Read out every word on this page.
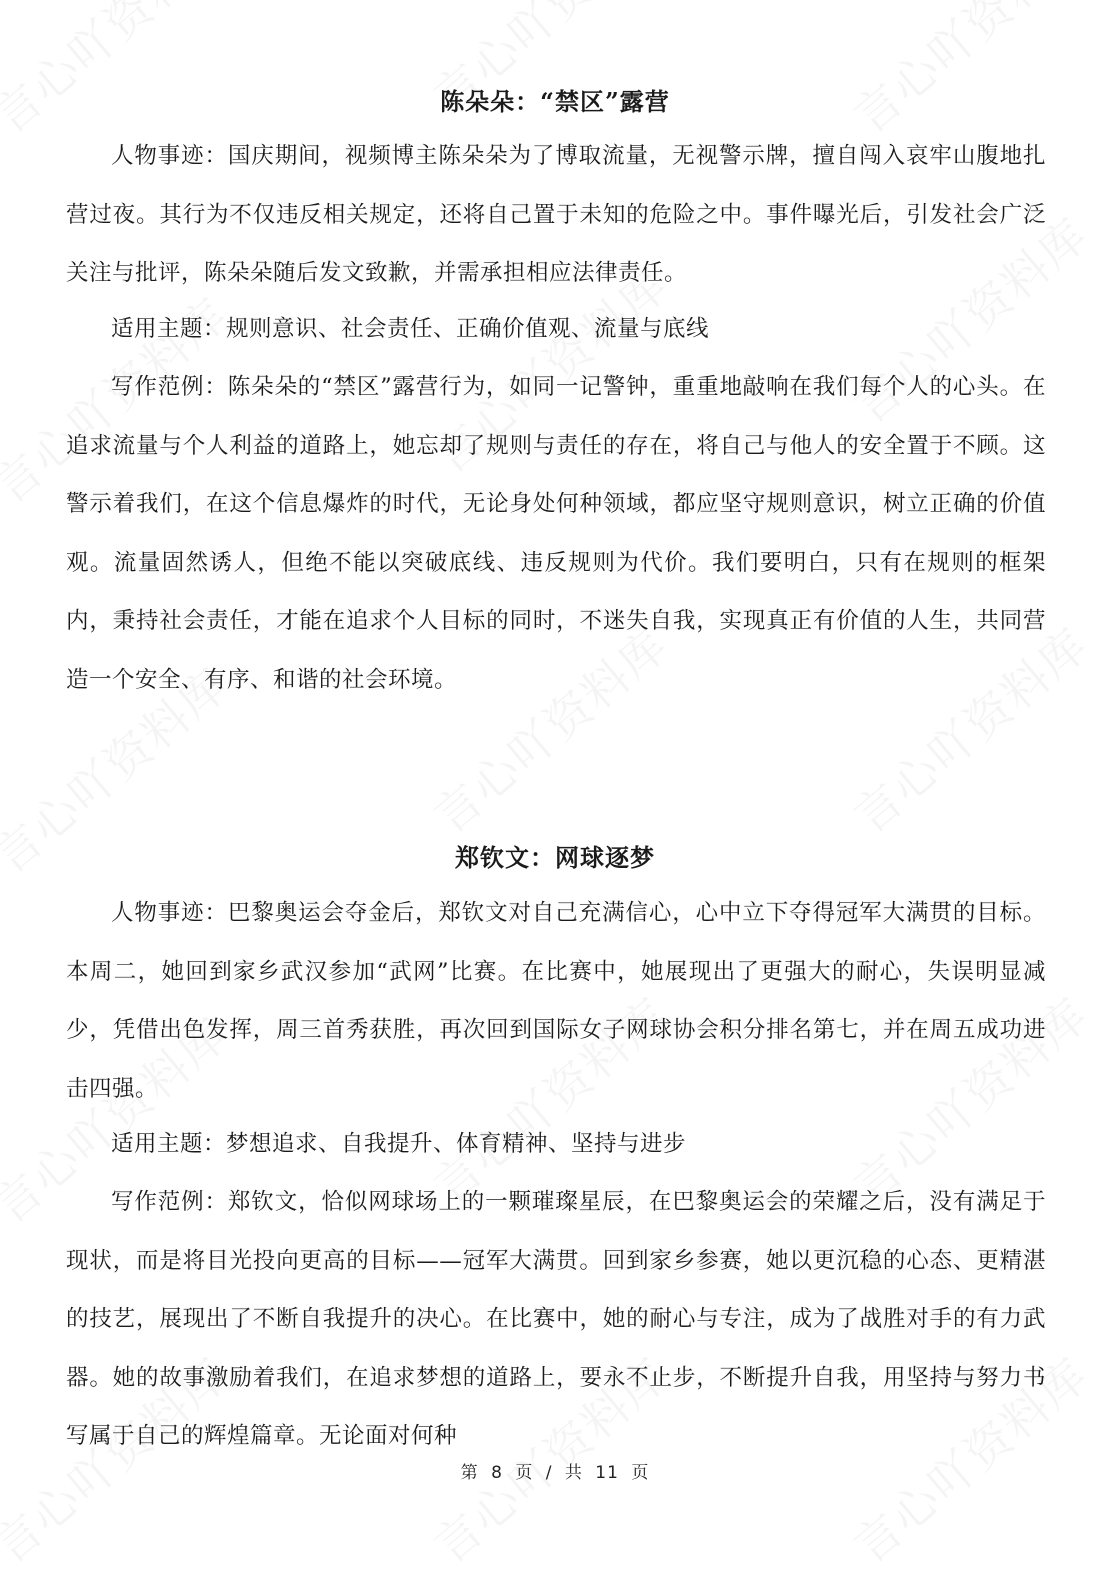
陈朵朵：“禁区”露营
人物事迹：国庆期间，视频博主陈朵朵为了博取流量，无视警示牌，擅自闯入哀牢山腹地扎营过夜。其行为不仅违反相关规定，还将自己置于未知的危险之中。事件曝光后，引发社会广泛关注与批评，陈朵朵随后发文致歉，并需承担相应法律责任。
适用主题：规则意识、社会责任、正确价值观、流量与底线
写作范例：陈朵朵的“禁区”露营行为，如同一记警钟，重重地敲响在我们每个人的心头。在追求流量与个人利益的道路上，她忘却了规则与责任的存在，将自己与他人的安全置于不顾。这警示着我们，在这个信息爆炸的时代，无论身处何种领域，都应坚守规则意识，树立正确的价值观。流量固然诱人，但绝不能以突破底线、违反规则为代价。我们要明白，只有在规则的框架内，秉持社会责任，才能在追求个人目标的同时，不迷失自我，实现真正有价值的人生，共同营造一个安全、有序、和谐的社会环境。
郑钦文：网球逐梦
人物事迹：巴黎奥运会夺金后，郑钦文对自己充满信心，心中立下夺得冠军大满贯的目标。本周二，她回到家乡武汉参加“武网”比赛。在比赛中，她展现出了更强大的耐心，失误明显减少，凭借出色发挥，周三首秀获胜，再次回到国际女子网球协会积分排名第七，并在周五成功进击四强。
适用主题：梦想追求、自我提升、体育精神、坚持与进步
写作范例：郑钦文，恰似网球场上的一颗璀璨星辰，在巴黎奥运会的荣耀之后，没有满足于现状，而是将目光投向更高的目标——冠军大满贯。回到家乡参赛，她以更沉稳的心态、更精湛的技艺，展现出了不断自我提升的决心。在比赛中，她的耐心与专注，成为了战胜对手的有力武器。她的故事激励着我们，在追求梦想的道路上，要永不止步，不断提升自我，用坚持与努力书写属于自己的辉煌篇章。无论面对何种
第 8 页 / 共 11 页
